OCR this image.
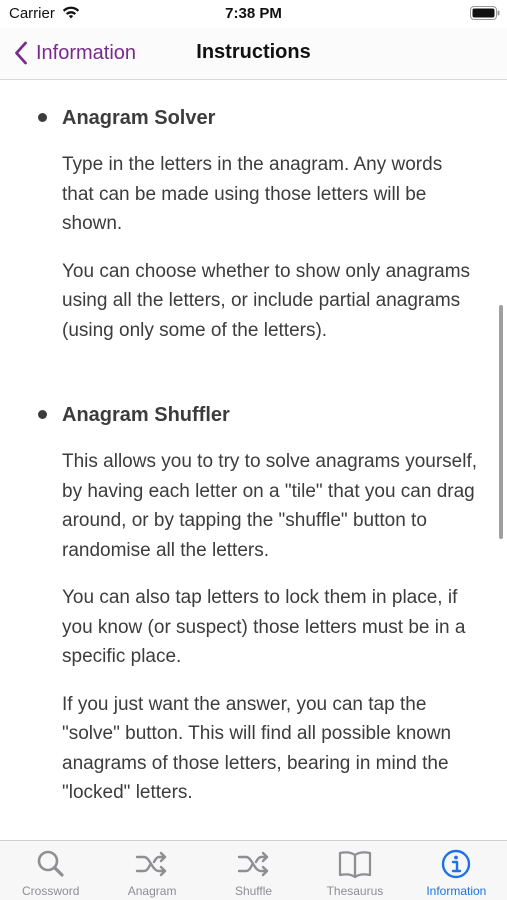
Carrier	7:38 PM
Information	Instructions
Anagram Solver

Type in the letters in the anagram. Any words that can be made using those letters will be shown.

You can choose whether to show only anagrams using all the letters, or include partial anagrams (using only some of the letters).

Anagram Shuffler

This allows you to try to solve anagrams yourself, by having each letter on a "tile" that you can drag around, or by tapping the "shuffle" button to randomise all the letters.

You can also tap letters to lock them in place, if you know (or suspect) those letters must be in a specific place.

If you just want the answer, you can tap the "solve" button. This will find all possible known anagrams of those letters, bearing in mind the "locked" letters.

Crossword	Anagram	Shuffle	Thesaurus	Information
